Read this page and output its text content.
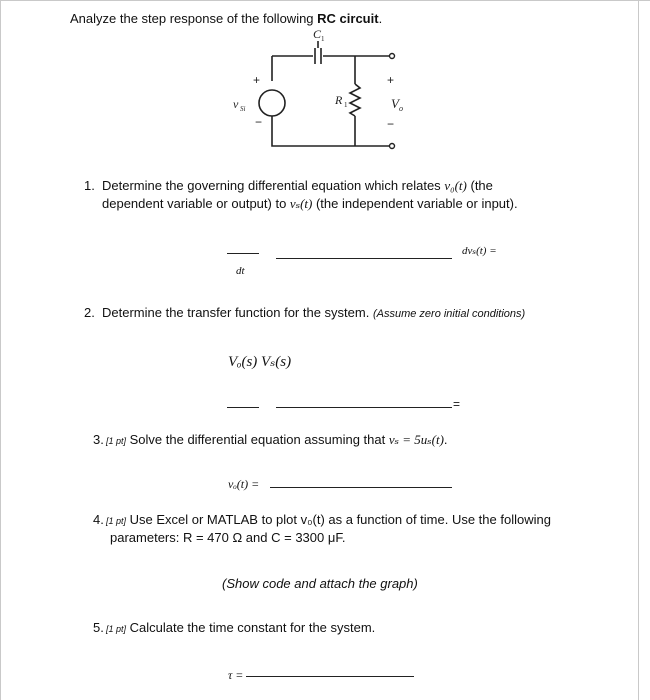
Analyze the step response of the following RC circuit.
C 1
+
−
v Si
R 1
+
−
V o
1. Determine the governing differential equation which relates v₀(t) (the
dependent variable or output) to vₛ(t) (the independent variable or input).
dvₛ(t) =
dt
2. Determine the transfer function for the system. (Assume zero initial conditions)
Vₒ(s) Vₛ(s)
=
3. [1 pt] Solve the differential equation assuming that vₛ = 5uₛ(t).
vₒ(t) =
4. [1 pt] Use Excel or MATLAB to plot v₀(t) as a function of time. Use the following
parameters: R = 470 Ω and C = 3300 μF.
(Show code and attach the graph)
5. [1 pt] Calculate the time constant for the system.
τ =
